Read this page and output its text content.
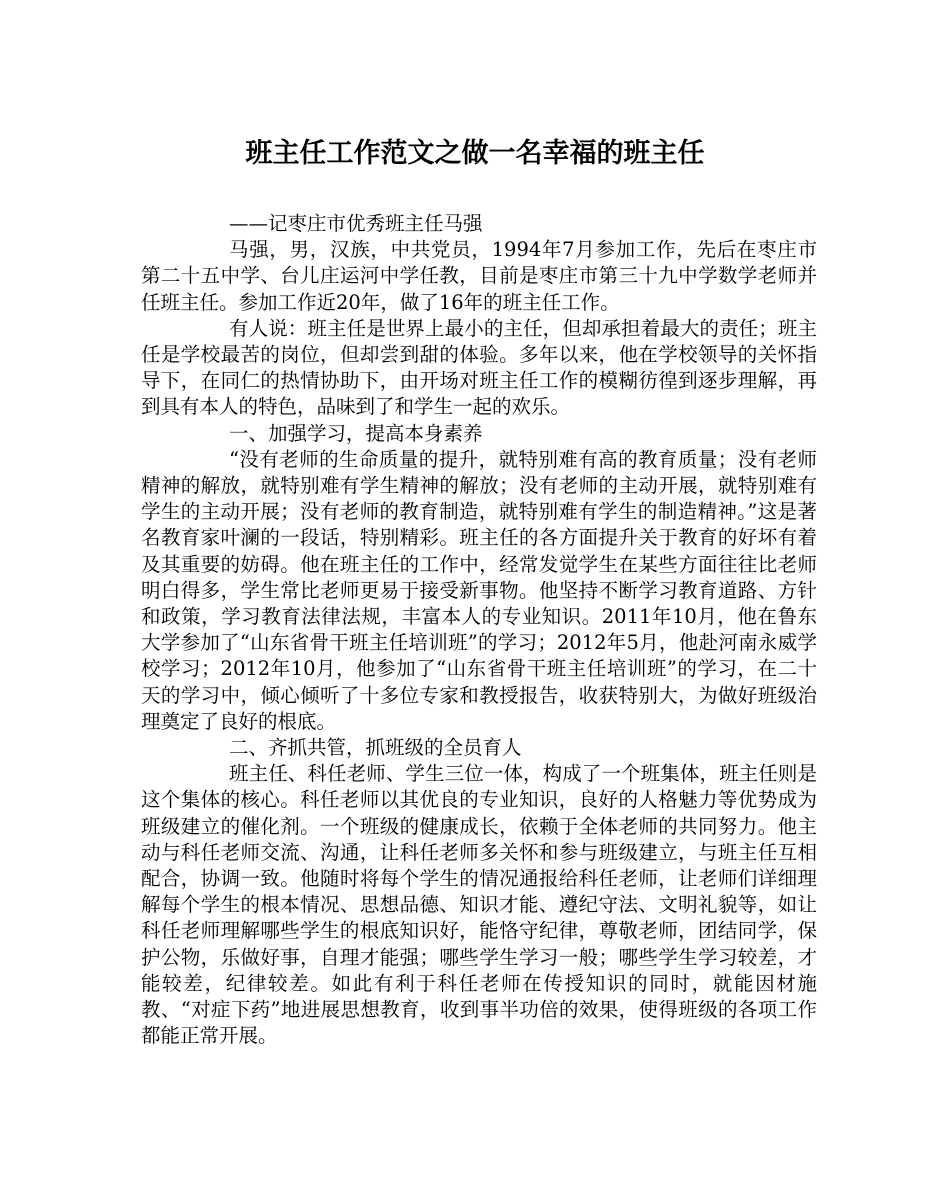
班主任工作范文之做一名幸福的班主任

——记枣庄市优秀班主任马强

马强，男，汉族，中共党员，1994年7月参加工作，先后在枣庄市第二十五中学、台儿庄运河中学任教，目前是枣庄市第三十九中学数学老师并任班主任。参加工作近20年，做了16年的班主任工作。

有人说：班主任是世界上最小的主任，但却承担着最大的责任；班主任是学校最苦的岗位，但却尝到甜的体验。多年以来，他在学校领导的关怀指导下，在同仁的热情协助下，由开场对班主任工作的模糊彷徨到逐步理解，再到具有本人的特色，品味到了和学生一起的欢乐。

一、加强学习，提高本身素养

“没有老师的生命质量的提升，就特别难有高的教育质量；没有老师精神的解放，就特别难有学生精神的解放；没有老师的主动开展，就特别难有学生的主动开展；没有老师的教育制造，就特别难有学生的制造精神。”这是著名教育家叶澜的一段话，特别精彩。班主任的各方面提升关于教育的好坏有着及其重要的妨碍。他在班主任的工作中，经常发觉学生在某些方面往往比老师明白得多，学生常比老师更易于接受新事物。他坚持不断学习教育道路、方针和政策，学习教育法律法规，丰富本人的专业知识。2011年10月，他在鲁东大学参加了“山东省骨干班主任培训班”的学习；2012年5月，他赴河南永威学校学习；2012年10月，他参加了“山东省骨干班主任培训班”的学习，在二十天的学习中，倾心倾听了十多位专家和教授报告，收获特别大，为做好班级治理奠定了良好的根底。

二、齐抓共管，抓班级的全员育人

班主任、科任老师、学生三位一体，构成了一个班集体，班主任则是这个集体的核心。科任老师以其优良的专业知识，良好的人格魅力等优势成为班级建立的催化剂。一个班级的健康成长，依赖于全体老师的共同努力。他主动与科任老师交流、沟通，让科任老师多关怀和参与班级建立，与班主任互相配合，协调一致。他随时将每个学生的情况通报给科任老师，让老师们详细理解每个学生的根本情况、思想品德、知识才能、遵纪守法、文明礼貌等，如让科任老师理解哪些学生的根底知识好，能恪守纪律，尊敬老师，团结同学，保护公物，乐做好事，自理才能强；哪些学生学习一般；哪些学生学习较差，才能较差，纪律较差。如此有利于科任老师在传授知识的同时，就能因材施教、“对症下药”地进展思想教育，收到事半功倍的效果，使得班级的各项工作都能正常开展。
